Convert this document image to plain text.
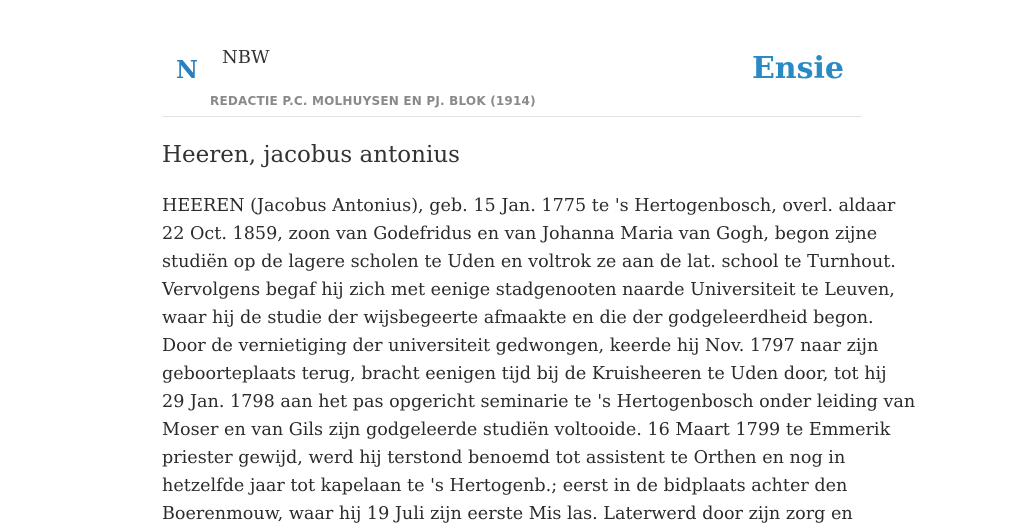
N NBW
REDACTIE P.C. MOLHUYSEN EN PJ. BLOK (1914)
Ensie
Heeren, jacobus antonius

HEEREN (Jacobus Antonius), geb. 15 Jan. 1775 te 's Hertogenbosch, overl. aldaar
22 Oct. 1859, zoon van Godefridus en van Johanna Maria van Gogh, begon zijne
studiën op de lagere scholen te Uden en voltrok ze aan de lat. school te Turnhout.
Vervolgens begaf hij zich met eenige stadgenooten naarde Universiteit te Leuven,
waar hij de studie der wijsbegeerte afmaakte en die der godgeleerdheid begon.
Door de vernietiging der universiteit gedwongen, keerde hij Nov. 1797 naar zijn
geboorteplaats terug, bracht eenigen tijd bij de Kruisheeren te Uden door, tot hij
29 Jan. 1798 aan het pas opgericht seminarie te 's Hertogenbosch onder leiding van
Moser en van Gils zijn godgeleerde studiën voltooide. 16 Maart 1799 te Emmerik
priester gewijd, werd hij terstond benoemd tot assistent te Orthen en nog in
hetzelfde jaar tot kapelaan te 's Hertogenb.; eerst in de bidplaats achter den
Boerenmouw, waar hij 19 Juli zijn eerste Mis las. Laterwerd door zijn zorg en
